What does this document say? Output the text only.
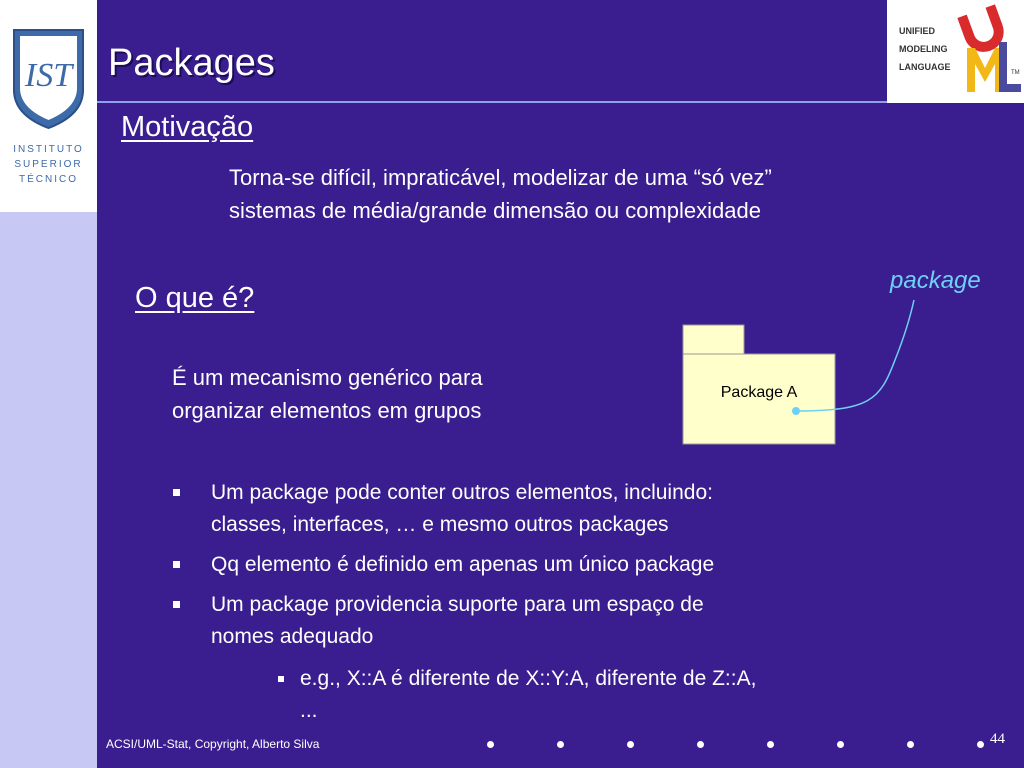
IST
INSTITUTO
SUPERIOR
TÉCNICO
Packages
UNIFIED
MODELING
LANGUAGE
TM
Motivação
Torna-se difícil, impraticável, modelizar de uma “só vez”
sistemas de média/grande dimensão ou complexidade
O que é?
É um mecanismo genérico para
organizar elementos em grupos
package
Package A
Um package pode conter outros elementos, incluindo:
classes, interfaces, … e mesmo outros packages
Qq elemento é definido em apenas um único package
Um package providencia suporte para um espaço de
nomes adequado
e.g., X::A é diferente de X::Y:A, diferente de Z::A,
...
ACSI/UML-Stat, Copyright, Alberto Silva	44
